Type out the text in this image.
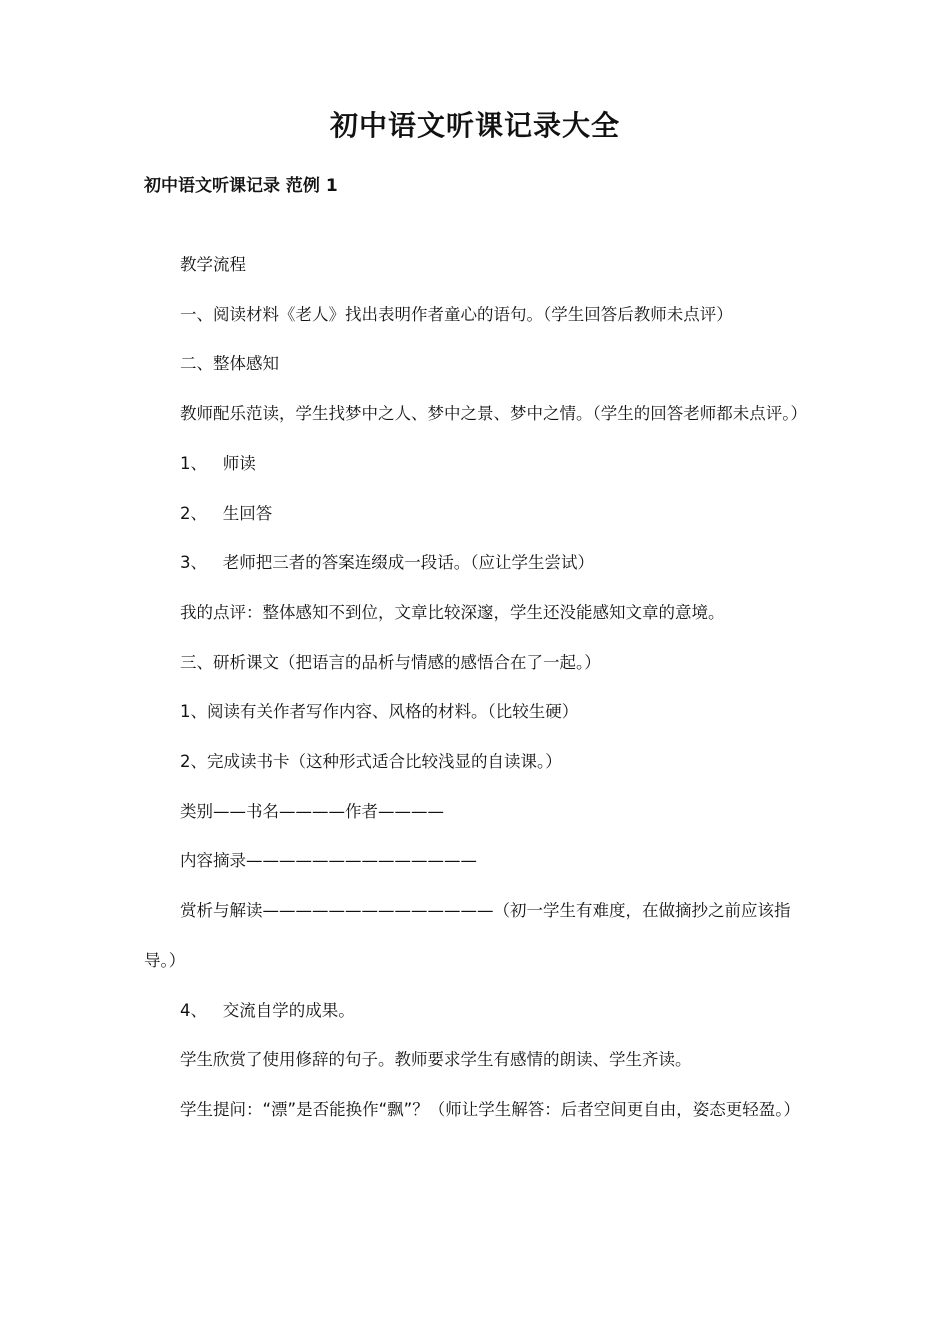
初中语文听课记录大全
初中语文听课记录 范例 1

教学流程

一、阅读材料《老人》找出表明作者童心的语句。（学生回答后教师未点评）

二、整体感知

教师配乐范读，学生找梦中之人、梦中之景、梦中之情。（学生的回答老师都未点评。）

1、   师读

2、   生回答

3、   老师把三者的答案连缀成一段话。（应让学生尝试）

我的点评：整体感知不到位，文章比较深邃，学生还没能感知文章的意境。

三、研析课文（把语言的品析与情感的感悟合在了一起。）

1、阅读有关作者写作内容、风格的材料。（比较生硬）

2、完成读书卡（这种形式适合比较浅显的自读课。）

类别——书名————作者————

内容摘录——————————————

赏析与解读——————————————（初一学生有难度，在做摘抄之前应该指导。）

4、   交流自学的成果。

学生欣赏了使用修辞的句子。教师要求学生有感情的朗读、学生齐读。

学生提问：“漂”是否能换作“飘”？（师让学生解答：后者空间更自由，姿态更轻盈。）
